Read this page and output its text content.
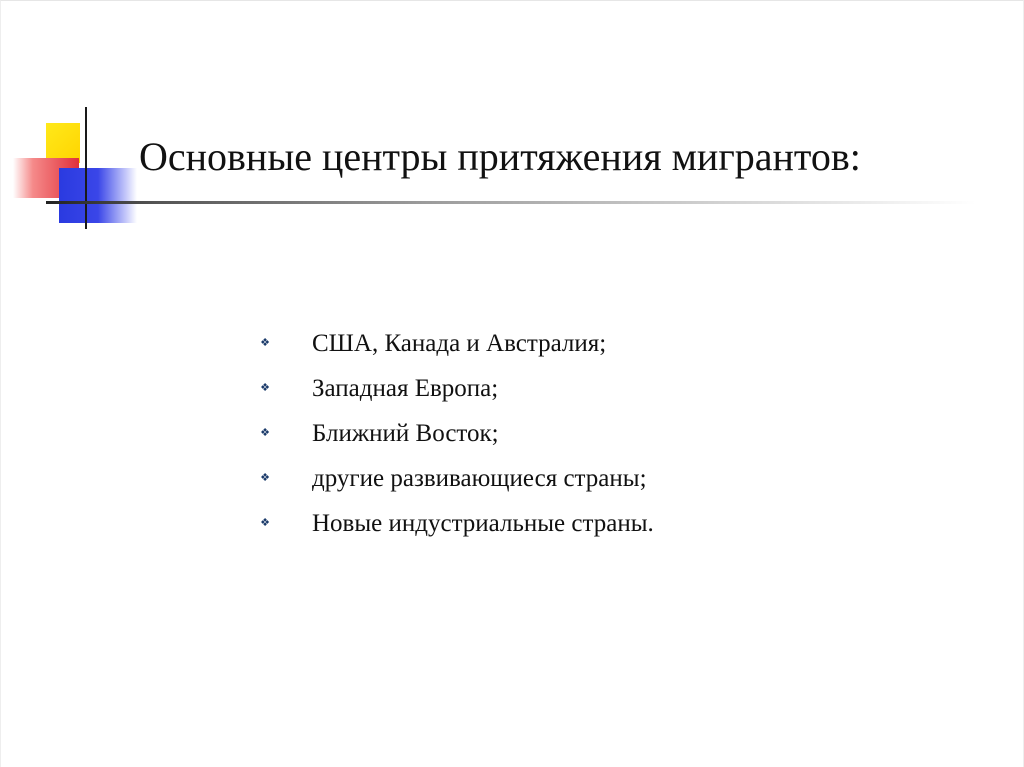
Основные центры притяжения мигрантов:
❖ США, Канада и Австралия;
❖ Западная Европа;
❖ Ближний Восток;
❖ другие развивающиеся страны;
❖ Новые индустриальные страны.
